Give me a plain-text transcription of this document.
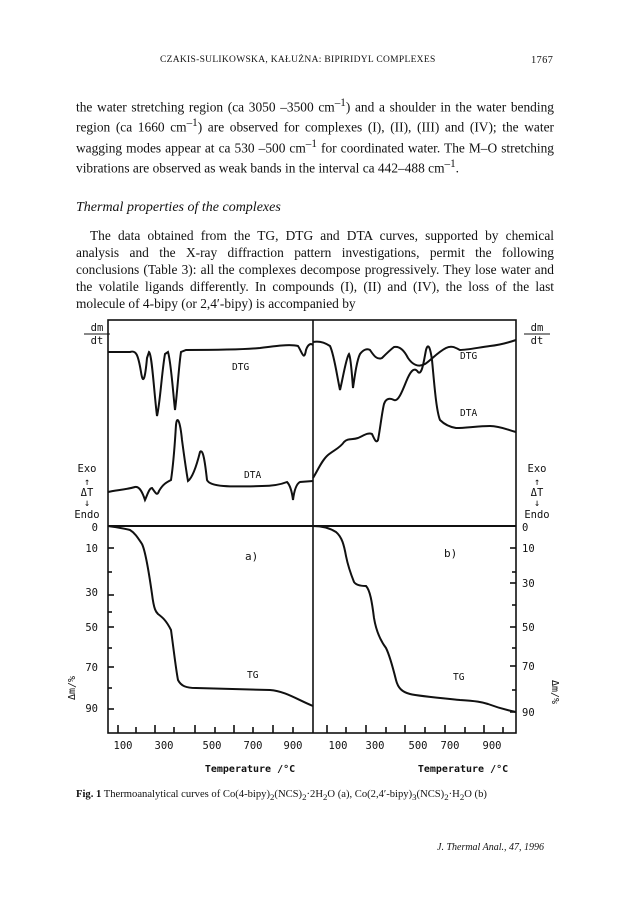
CZAKIS-SULIKOWSKA, KAŁUŻNA: BIPIRIDYL COMPLEXES	1767

the water stretching region (ca 3050 –3500 $cm^{-1}$) and a shoulder in the water bending region (ca 1660 $cm^{-1}$) are observed for complexes (I), (II), (III) and (IV); the water wagging modes appear at ca 530 –500 $cm^{-1}$ for coordinated water. The M–O stretching vibrations are observed as weak bands in the interval ca 442–488 $cm^{-1}$.

Thermal properties of the complexes

The data obtained from the TG, DTG and DTA curves, supported by chemical analysis and the X-ray diffraction pattern investigations, permit the following conclusions (Table 3): all the complexes decompose progressively. They lose water and the volatile ligands differently. In compounds (I), (II) and (IV), the loss of the last molecule of 4-bipy (or 2,4′-bipy) is accompanied by

dm
dt
Exo
↑
ΔT
↓
Endo
0
10
30
50
70
90
Δm/%
dm
dt
Exo
↑
ΔT
↓
Endo
0
10
30
50
70
90
Δm/%
DTG
DTA
TG
DTG
DTA
TG
a)	b)
100 300	500 700 900 100 300 500 700 900
Temperature /°C	Temperature /°C
Fig. 1 Thermoanalytical curves of $Co(4-bipy)_2(NCS)_2\cdot 2H_2O$ (a), $Co(2,4'-bipy)_3(NCS)_2\cdot H_2O$ (b)
J. Thermal Anal., 47, 1996
